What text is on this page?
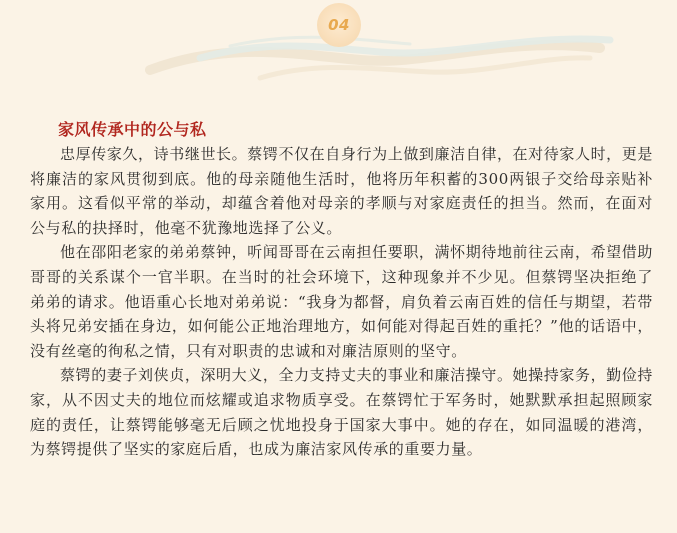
04
家风传承中的公与私

忠厚传家久，诗书继世长。蔡锷不仅在自身行为上做到廉洁自律，在对待家人时，更是将廉洁的家风贯彻到底。他的母亲随他生活时，他将历年积蓄的300两银子交给母亲贴补家用。这看似平常的举动，却蕴含着他对母亲的孝顺与对家庭责任的担当。然而，在面对公与私的抉择时，他毫不犹豫地选择了公义。

他在邵阳老家的弟弟蔡钟，听闻哥哥在云南担任要职，满怀期待地前往云南，希望借助哥哥的关系谋个一官半职。在当时的社会环境下，这种现象并不少见。但蔡锷坚决拒绝了弟弟的请求。他语重心长地对弟弟说：“我身为都督，肩负着云南百姓的信任与期望，若带头将兄弟安插在身边，如何能公正地治理地方，如何能对得起百姓的重托？”他的话语中，没有丝毫的徇私之情，只有对职责的忠诚和对廉洁原则的坚守。

蔡锷的妻子刘侠贞，深明大义，全力支持丈夫的事业和廉洁操守。她操持家务，勤俭持家，从不因丈夫的地位而炫耀或追求物质享受。在蔡锷忙于军务时，她默默承担起照顾家庭的责任，让蔡锷能够毫无后顾之忧地投身于国家大事中。她的存在，如同温暖的港湾，为蔡锷提供了坚实的家庭后盾，也成为廉洁家风传承的重要力量。
